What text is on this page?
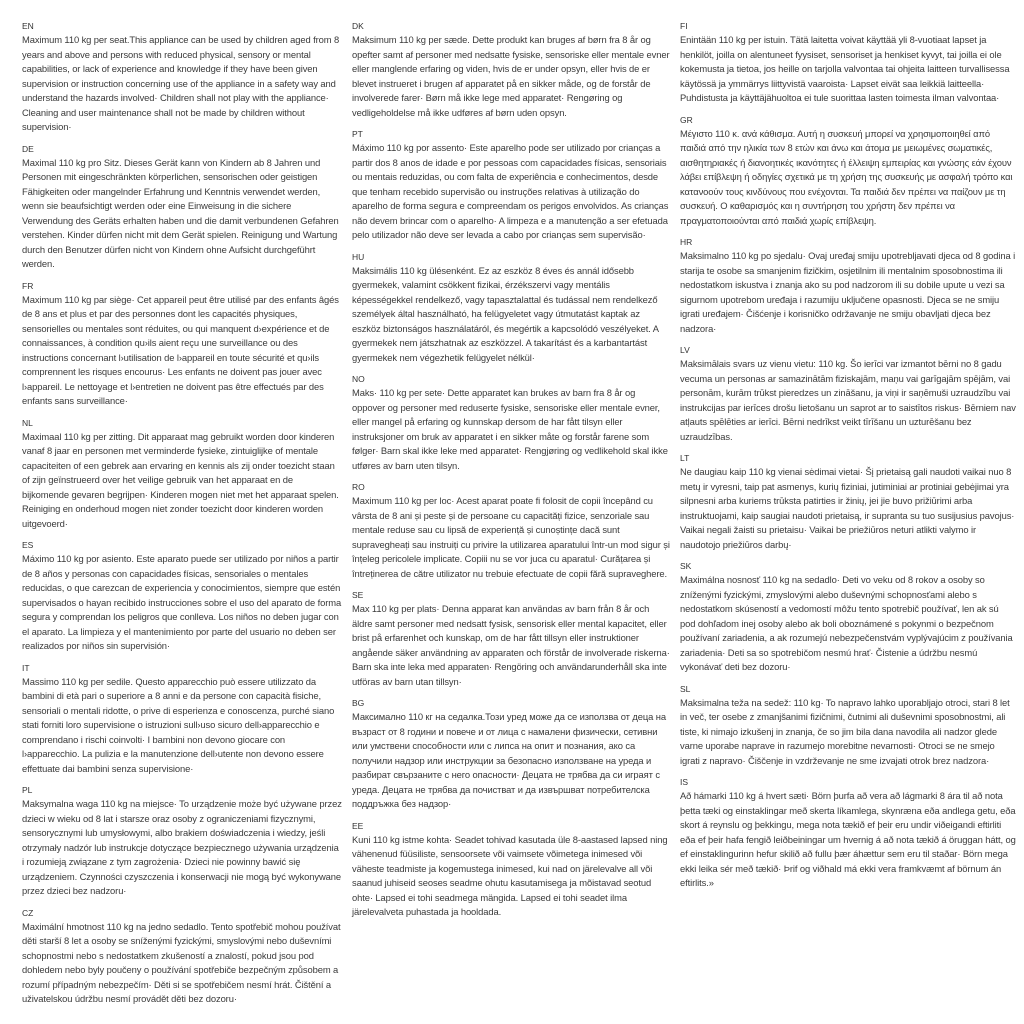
EN
Maximum 110 kg per seat.This appliance can be used by children aged from 8 years and above and persons with reduced physical, sensory or mental capabilities, or lack of experience and knowledge if they have been given supervision or instruction concerning use of the appliance in a safety way and understand the hazards involved· Children shall not play with the appliance· Cleaning and user maintenance shall not be made by children without supervision·
DE
Maximal 110 kg pro Sitz. Dieses Gerät kann von Kindern ab 8 Jahren und Personen mit eingeschränkten körperlichen, sensorischen oder geistigen Fähigkeiten oder mangelnder Erfahrung und Kenntnis verwendet werden, wenn sie beaufsichtigt werden oder eine Einweisung in die sichere Verwendung des Geräts erhalten haben und die damit verbundenen Gefahren verstehen. Kinder dürfen nicht mit dem Gerät spielen. Reinigung und Wartung durch den Benutzer dürfen nicht von Kindern ohne Aufsicht durchgeführt werden.
FR
Maximum 110 kg par siège· Cet appareil peut être utilisé par des enfants âgés de 8 ans et plus et par des personnes dont les capacités physiques, sensorielles ou mentales sont réduites, ou qui manquent d›expérience et de connaissances, à condition qu›ils aient reçu une surveillance ou des instructions concernant l›utilisation de l›appareil en toute sécurité et qu›ils comprennent les risques encourus· Les enfants ne doivent pas jouer avec l›appareil. Le nettoyage et l›entretien ne doivent pas être effectués par des enfants sans surveillance·
NL
Maximaal 110 kg per zitting. Dit apparaat mag gebruikt worden door kinderen vanaf 8 jaar en personen met verminderde fysieke, zintuiglijke of mentale capaciteiten of een gebrek aan ervaring en kennis als zij onder toezicht staan of zijn geïnstrueerd over het veilige gebruik van het apparaat en de bijkomende gevaren begrijpen· Kinderen mogen niet met het apparaat spelen. Reiniging en onderhoud mogen niet zonder toezicht door kinderen worden uitgevoerd·
ES
Máximo 110 kg por asiento. Este aparato puede ser utilizado por niños a partir de 8 años y personas con capacidades físicas, sensoriales o mentales reducidas, o que carezcan de experiencia y conocimientos, siempre que estén supervisados o hayan recibido instrucciones sobre el uso del aparato de forma segura y comprendan los peligros que conlleva. Los niños no deben jugar con el aparato. La limpieza y el mantenimiento por parte del usuario no deben ser realizados por niños sin supervisión·
IT
Massimo 110 kg per sedile. Questo apparecchio può essere utilizzato da bambini di età pari o superiore a 8 anni e da persone con capacità fisiche, sensoriali o mentali ridotte, o prive di esperienza e conoscenza, purché siano stati forniti loro supervisione o istruzioni sull›uso sicuro dell›apparecchio e comprendano i rischi coinvolti· I bambini non devono giocare con l›apparecchio. La pulizia e la manutenzione dell›utente non devono essere effettuate dai bambini senza supervisione·
PL
Maksymalna waga 110 kg na miejsce· To urządzenie może być używane przez dzieci w wieku od 8 lat i starsze oraz osoby z ograniczeniami fizycznymi, sensorycznymi lub umysłowymi, albo brakiem doświadczenia i wiedzy, jeśli otrzymały nadzór lub instrukcje dotyczące bezpiecznego używania urządzenia i rozumieją związane z tym zagrożenia· Dzieci nie powinny bawić się urządzeniem. Czynności czyszczenia i konserwacji nie mogą być wykonywane przez dzieci bez nadzoru·
CZ
Maximální hmotnost 110 kg na jedno sedadlo. Tento spotřebič mohou používat děti starší 8 let a osoby se sníženými fyzickými, smyslovými nebo duševními schopnostmi nebo s nedostatkem zkušeností a znalostí, pokud jsou pod dohledem nebo byly poučeny o používání spotřebiče bezpečným způsobem a rozumí případným nebezpečím· Děti si se spotřebičem nesmí hrát. Čištění a uživatelskou údržbu nesmí provádět děti bez dozoru·
DK
Maksimum 110 kg per sæde. Dette produkt kan bruges af børn fra 8 år og opefter samt af personer med nedsatte fysiske, sensoriske eller mentale evner eller manglende erfaring og viden, hvis de er under opsyn, eller hvis de er blevet instrueret i brugen af apparatet på en sikker måde, og de forstår de involverede farer· Børn må ikke lege med apparatet· Rengøring og vedligeholdelse må ikke udføres af børn uden opsyn.
PT
Máximo 110 kg por assento· Este aparelho pode ser utilizado por crianças a partir dos 8 anos de idade e por pessoas com capacidades físicas, sensoriais ou mentais reduzidas, ou com falta de experiência e conhecimentos, desde que tenham recebido supervisão ou instruções relativas à utilização do aparelho de forma segura e compreendam os perigos envolvidos. As crianças não devem brincar com o aparelho· A limpeza e a manutenção a ser efetuada pelo utilizador não deve ser levada a cabo por crianças sem supervisão·
HU
Maksimális 110 kg ülésenként. Ez az eszköz 8 éves és annál idősebb gyermekek, valamint csökkent fizikai, érzékszervi vagy mentális képességekkel rendelkező, vagy tapasztalattal és tudással nem rendelkező személyek által használható, ha felügyeletet vagy útmutatást kaptak az eszköz biztonságos használatáról, és megértik a kapcsolódó veszélyeket. A gyermekek nem játszhatnak az eszközzel. A takarítást és a karbantartást gyermekek nem végezhetik felügyelet nélkül·
NO
Maks· 110 kg per sete· Dette apparatet kan brukes av barn fra 8 år og oppover og personer med reduserte fysiske, sensoriske eller mentale evner, eller mangel på erfaring og kunnskap dersom de har fått tilsyn eller instruksjoner om bruk av apparatet i en sikker måte og forstår farene som følger· Barn skal ikke leke med apparatet· Rengjøring og vedlikehold skal ikke utføres av barn uten tilsyn.
RO
Maximum 110 kg per loc· Acest aparat poate fi folosit de copii începând cu vârsta de 8 ani și peste și de persoane cu capacități fizice, senzoriale sau mentale reduse sau cu lipsă de experiență și cunoștințe dacă sunt supravegheați sau instruiți cu privire la utilizarea aparatului într-un mod sigur și înțeleg pericolele implicate. Copiii nu se vor juca cu aparatul· Curățarea și întreținerea de către utilizator nu trebuie efectuate de copii fără supraveghere.
SE
Max 110 kg per plats· Denna apparat kan användas av barn från 8 år och äldre samt personer med nedsatt fysisk, sensorisk eller mental kapacitet, eller brist på erfarenhet och kunskap, om de har fått tillsyn eller instruktioner angående säker användning av apparaten och förstår de involverade riskerna· Barn ska inte leka med apparaten· Rengöring och användarunderhåll ska inte utföras av barn utan tillsyn·
BG
Максимално 110 кг на седалка.Този уред може да се използва от деца на възраст от 8 години и повече и от лица с намалени физически, сетивни или умствени способности или с липса на опит и познания, ако са получили надзор или инструкции за безопасно използване на уреда и разбират свързаните с него опасности· Децата не трябва да си играят с уреда. Децата не трябва да почистват и да извършват потребителска поддръжка без надзор·
EE
Kuni 110 kg istme kohta· Seadet tohivad kasutada üle 8-aastased lapsed ning vähenenud füüsiliste, sensoorsete või vaimsete võimetega inimesed või väheste teadmiste ja kogemustega inimesed, kui nad on järelevalve all või saanud juhiseid seoses seadme ohutu kasutamisega ja mõistavad seotud ohte· Lapsed ei tohi seadmega mängida. Lapsed ei tohi seadet ilma järelevalveta puhastada ja hooldada.
FI
Enintään 110 kg per istuin. Tätä laitetta voivat käyttää yli 8-vuotiaat lapset ja henkilöt, joilla on alentuneet fyysiset, sensoriset ja henkiset kyvyt, tai joilla ei ole kokemusta ja tietoa, jos heille on tarjolla valvontaa tai ohjeita laitteen turvallisessa käytössä ja ymmärrys liittyvistä vaaroista· Lapset eivät saa leikkiä laitteella· Puhdistusta ja käyttäjähuoltoa ei tule suorittaa lasten toimesta ilman valvontaa·
GR
Μέγιστο 110 κ. ανά κάθισμα. Αυτή η συσκευή μπορεί να χρησιμοποιηθεί από παιδιά από την ηλικία των 8 ετών και άνω και άτομα με μειωμένες σωματικές, αισθητηριακές ή διανοητικές ικανότητες ή έλλειψη εμπειρίας και γνώσης εάν έχουν λάβει επίβλεψη ή οδηγίες σχετικά με τη χρήση της συσκευής με ασφαλή τρόπο και κατανοούν τους κινδύνους που ενέχονται. Τα παιδιά δεν πρέπει να παίζουν με τη συσκευή. Ο καθαρισμός και η συντήρηση του χρήστη δεν πρέπει να πραγματοποιούνται από παιδιά χωρίς επίβλεψη.
HR
Maksimalno 110 kg po sjedalu· Ovaj uređaj smiju upotrebljavati djeca od 8 godina i starija te osobe sa smanjenim fizičkim, osjetilnim ili mentalnim sposobnostima ili nedostatkom iskustva i znanja ako su pod nadzorom ili su dobile upute u vezi sa sigurnom upotrebom uređaja i razumiju uključene opasnosti. Djeca se ne smiju igrati uređajem· Čišćenje i korisničko održavanje ne smiju obavljati djeca bez nadzora·
LV
Maksimālais svars uz vienu vietu: 110 kg. Šo ierīci var izmantot bērni no 8 gadu vecuma un personas ar samazinātām fiziskajām, maņu vai garīgajām spējām, vai personām, kurām trūkst pieredzes un zināšanu, ja viņi ir saņēmuši uzraudzību vai instrukcijas par ierīces drošu lietošanu un saprot ar to saistītos riskus· Bērniem nav atļauts spēlēties ar ierīci. Bērni nedrīkst veikt tīrīšanu un uzturēšanu bez uzraudzības.
LT
Ne daugiau kaip 110 kg vienai sėdimai vietai· Šį prietaisą gali naudoti vaikai nuo 8 metų ir vyresni, taip pat asmenys, kurių fiziniai, jutiminiai ar protiniai gebėjimai yra silpnesni arba kuriems trūksta patirties ir žinių, jei jie buvo prižiūrimi arba instruktuojami, kaip saugiai naudoti prietaisą, ir supranta su tuo susijusius pavojus· Vaikai negali žaisti su prietaisu· Vaikai be priežiūros neturi atlikti valymo ir naudotojo priežiūros darbų·
SK
Maximálna nosnosť 110 kg na sedadlo· Deti vo veku od 8 rokov a osoby so zníženými fyzickými, zmyslovými alebo duševnými schopnosťami alebo s nedostatkom skúseností a vedomostí môžu tento spotrebič používať, len ak sú pod dohľadom inej osoby alebo ak boli oboznámené s pokynmi o bezpečnom používaní zariadenia, a ak rozumejú nebezpečenstvám vyplývajúcim z používania zariadenia· Deti sa so spotrebičom nesmú hrať· Čistenie a údržbu nesmú vykonávať deti bez dozoru·
SL
Maksimalna teža na sedež: 110 kg· To napravo lahko uporabljajo otroci, stari 8 let in več, ter osebe z zmanjšanimi fizičnimi, čutnimi ali duševnimi sposobnostmi, ali tiste, ki nimajo izkušenj in znanja, če so jim bila dana navodila ali nadzor glede varne uporabe naprave in razumejo morebitne nevarnosti· Otroci se ne smejo igrati z napravo· Čiščenje in vzdrževanje ne sme izvajati otrok brez nadzora·
IS
Að hámarki 110 kg á hvert sæti· Börn þurfa að vera að lágmarki 8 ára til að nota þetta tæki og einstaklingar með skerta líkamlega, skynræna eða andlega getu, eða skort á reynslu og þekkingu, mega nota tækið ef þeir eru undir viðeigandi eftirliti eða ef þeir hafa fengið leiðbeiningar um hvernig á að nota tækið á öruggan hátt, og ef einstaklingurinn hefur skilið að fullu þær áhættur sem eru til staðar· Börn mega ekki leika sér með tækið· Þrif og viðhald má ekki vera framkvæmt af börnum án eftirlits.»
